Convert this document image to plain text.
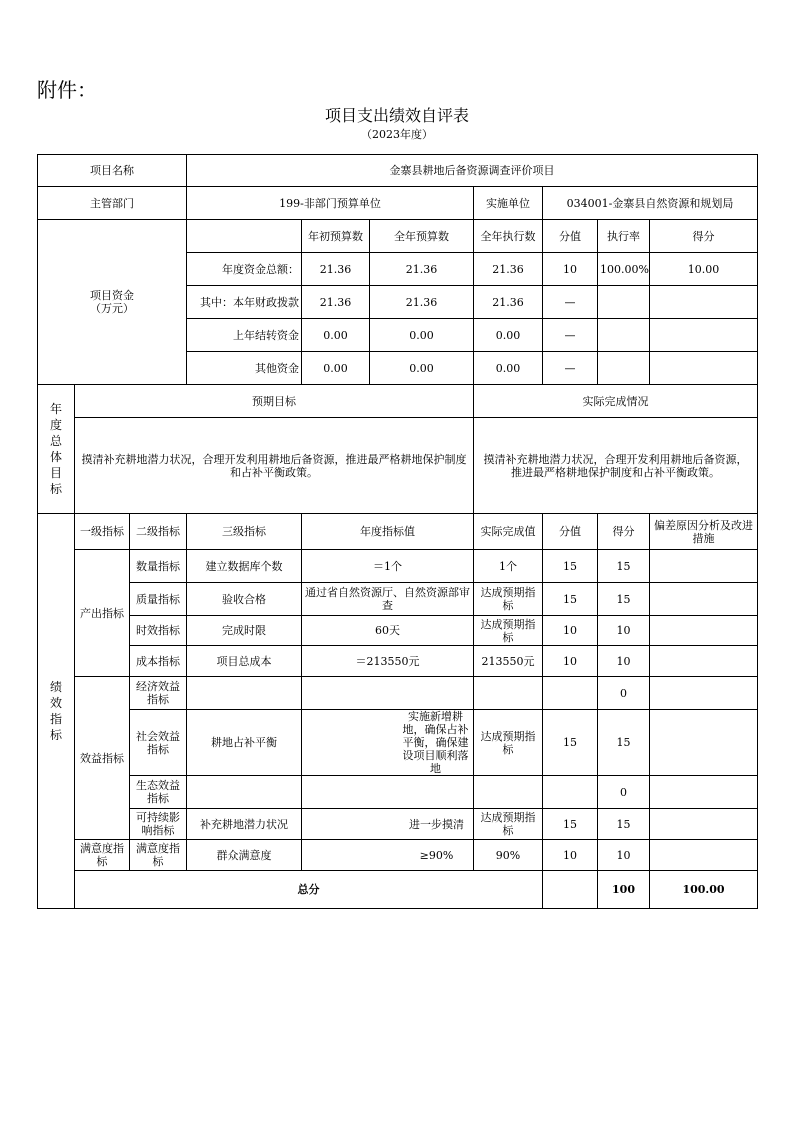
附件：
项目支出绩效自评表
（2023年度）
项目名称			金寨县耕地后备资源调查评价项目							
主管部门			199-非部门预算单位			实施单位	034001-金寨县自然资源和规划局			

项目资金
（万元）				年初预算数	全年预算数	全年执行数	分值	执行率	得分	
			年度资金总额：	21.36	21.36	21.36	10	100.00%	10.00	
			其中：本年财政拨款	21.36	21.36	21.36	—			
			上年结转资金	0.00	0.00	0.00	—			
			其他资金	0.00	0.00	0.00	—			

年度总体目标	预期目标					实际完成情况				
	摸清补充耕地潜力状况，合理开发利用耕地后备资源，推进最严格耕地保护制度和占补平衡政策。					摸清补充耕地潜力状况，合理开发利用耕地后备资源，推进最严格耕地保护制度和占补平衡政策。				

绩效指标	一级指标	二级指标	三级指标	年度指标值		实际完成值	分值	得分	偏差原因分析及改进措施	
	产出指标	数量指标	建立数据库个数	＝1个		1个	15	15		
		质量指标	验收合格	通过省自然资源厅、自然资源部审查		达成预期指标	15	15		
		时效指标	完成时限	60天		达成预期指标	10	10		
		成本指标	项目总成本	＝213550元		213550元	10	10		
	效益指标	经济效益指标						0		
		社会效益指标	耕地占补平衡	实施新增耕地，确保占补平衡，确保建设项目顺利落地		达成预期指标	15	15		
		生态效益指标						0		
		可持续影响指标	补充耕地潜力状况	进一步摸清		达成预期指标	15	15		
	满意度指标	满意度指标	群众满意度	≥90%		90%	10	10		
	总分							100	100.00	
